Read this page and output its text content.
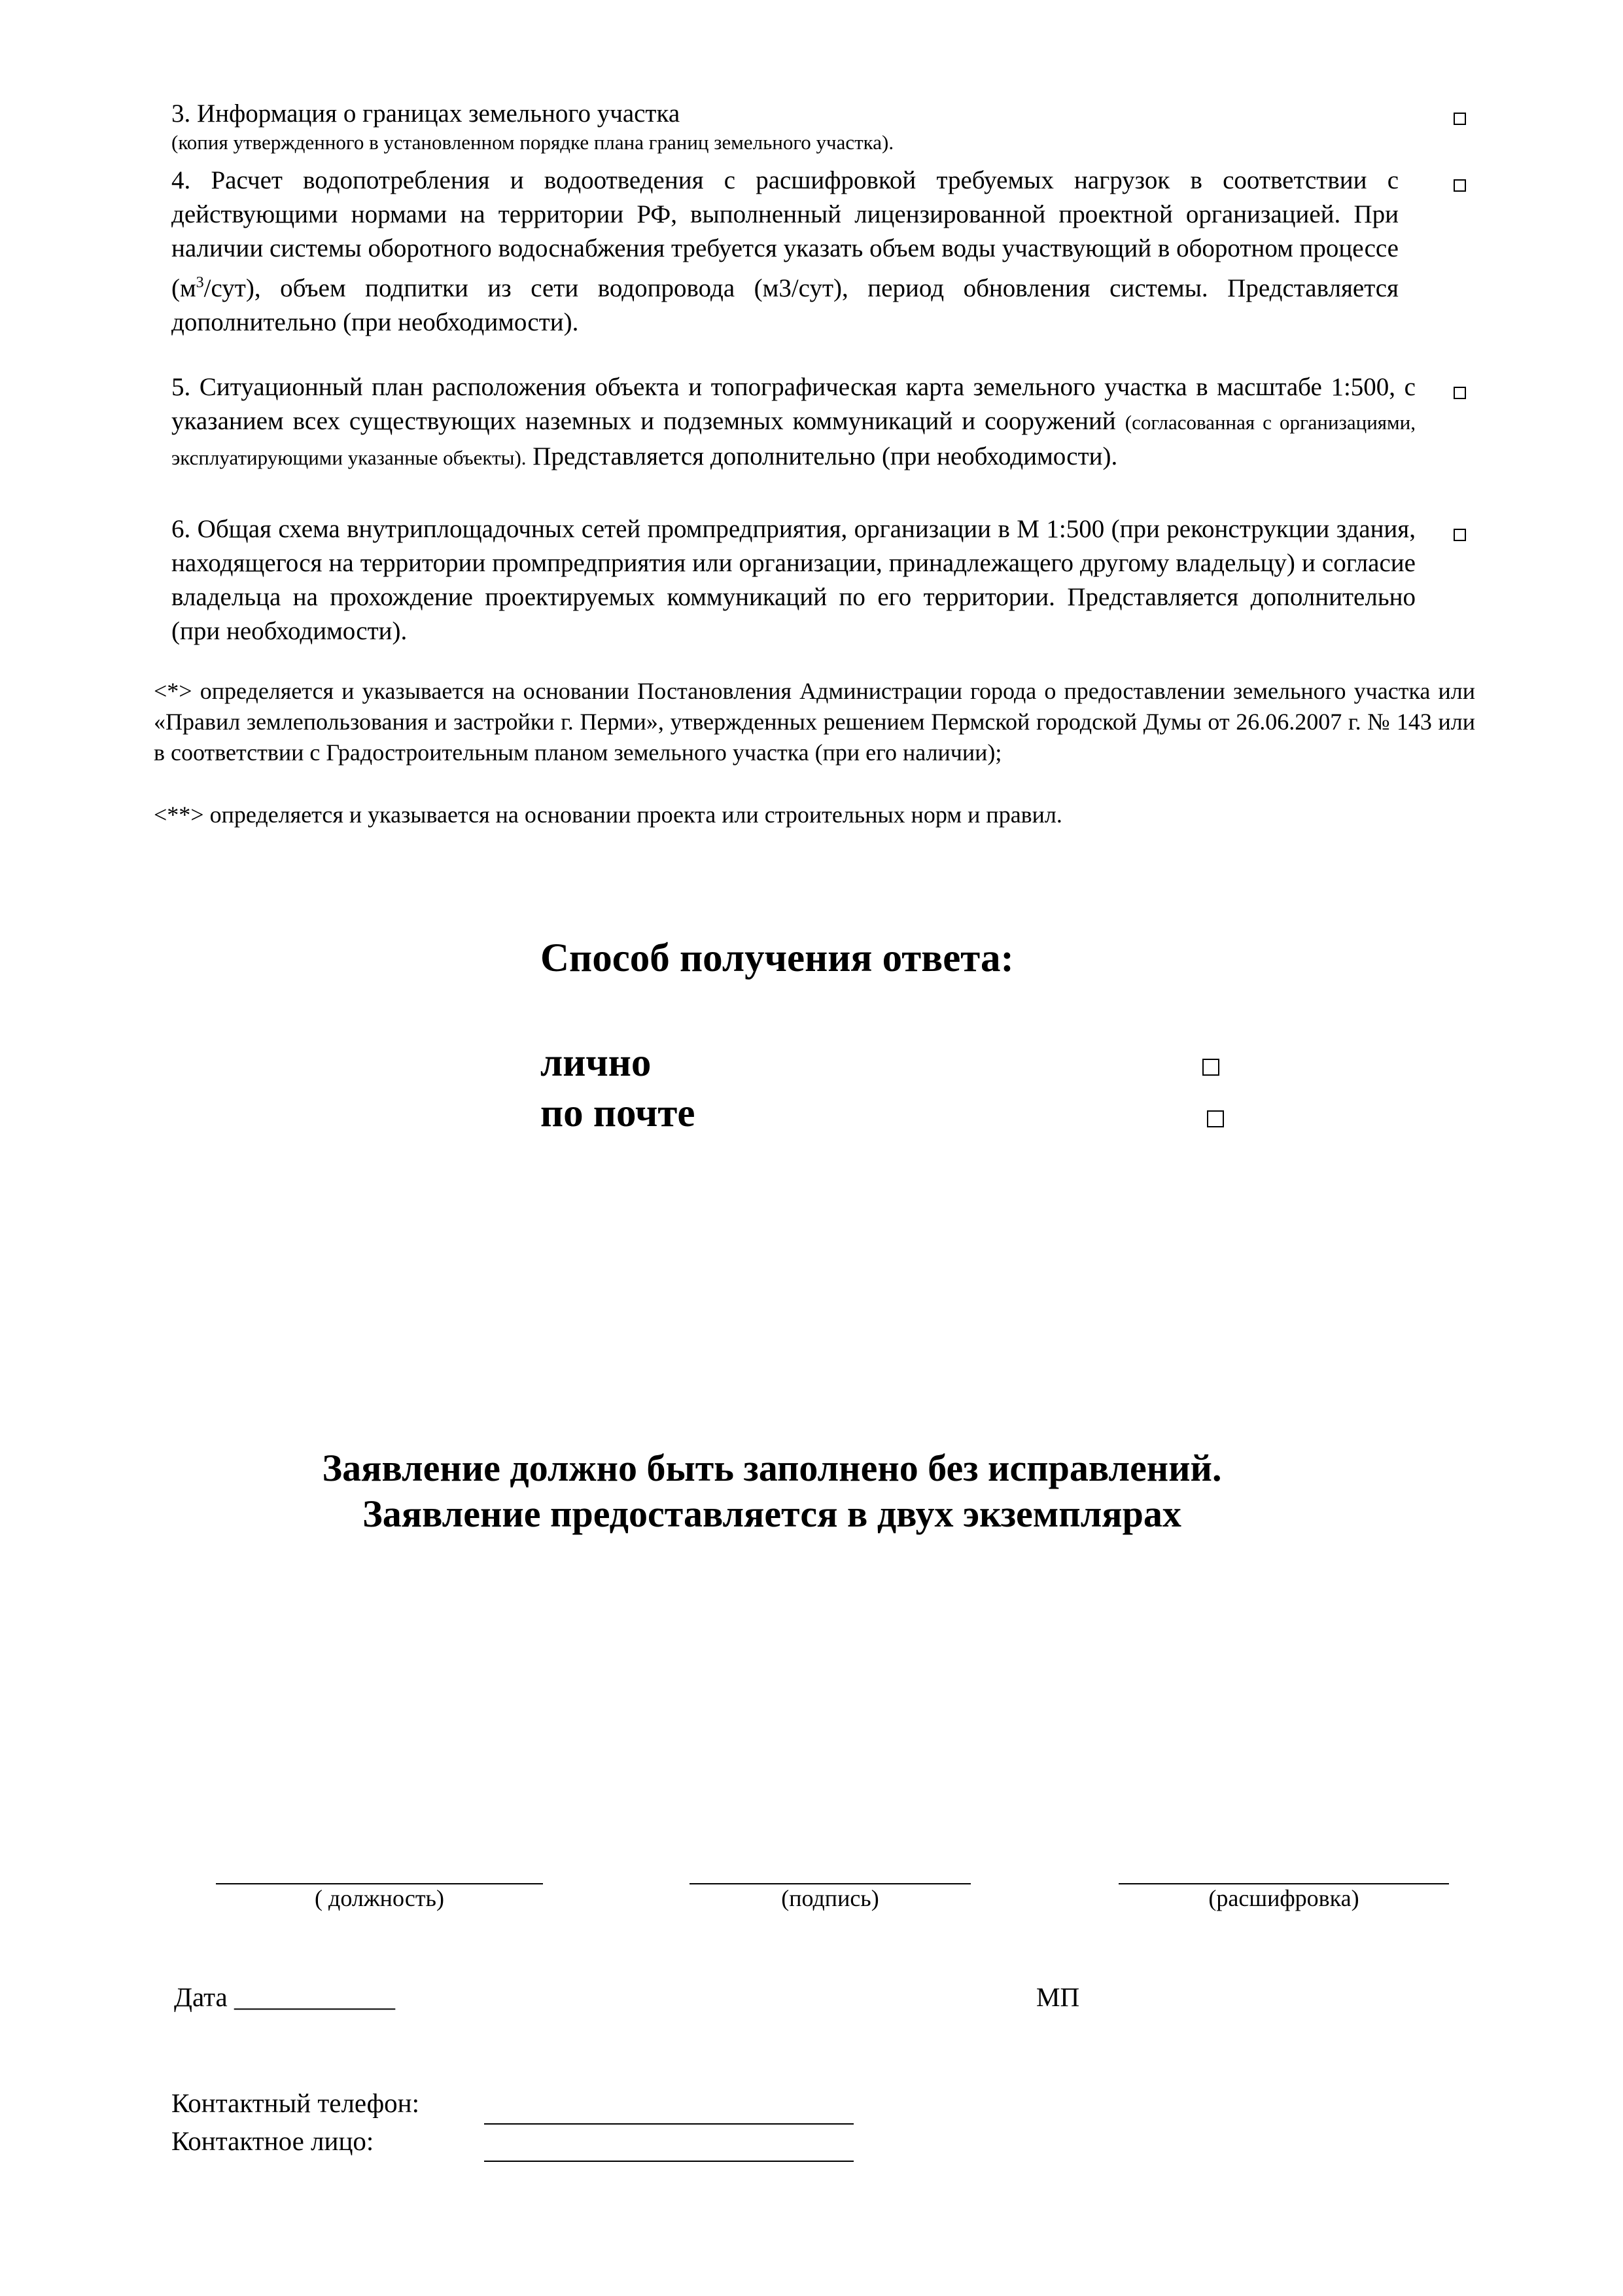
3. Информация о границах земельного участка

(копия утвержденного в установленном порядке плана границ земельного участка).

4. Расчет водопотребления и водоотведения с расшифровкой требуемых нагрузок в соответствии с действующими нормами на территории РФ, выполненный лицензированной проектной организацией. При наличии системы оборотного водоснабжения требуется указать объем воды участвующий в оборотном процессе $(м^3/сут)$, объем подпитки из сети водопровода (м3/сут), период обновления системы. Представляется дополнительно (при необходимости).

5. Ситуационный план расположения объекта и топографическая карта земельного участка в масштабе 1:500, с указанием всех существующих наземных и подземных коммуникаций и сооружений (согласованная с организациями, эксплуатирующими указанные объекты). Представляется дополнительно (при необходимости).

6. Общая схема внутриплощадочных сетей промпредприятия, организации в М 1:500 (при реконструкции здания, находящегося на территории промпредприятия или организации, принадлежащего другому владельцу) и согласие владельца на прохождение проектируемых коммуникаций по его территории. Представляется дополнительно (при необходимости).

<*> определяется и указывается на основании Постановления Администрации города о предоставлении земельного участка или «Правил землепользования и застройки г. Перми», утвержденных решением Пермской городской Думы от 26.06.2007 г. № 143 или в соответствии с Градостроительным планом земельного участка (при его наличии);
<**> определяется и указывается на основании проекта или строительных норм и правил.
Способ получения ответа:
лично
по почте
Заявление должно быть заполнено без исправлений.
Заявление предоставляется в двух экземплярах
( должность)	(подпись)	(расшифровка)
Дата ____________	МП
Контактный телефон:
Контактное лицо:
